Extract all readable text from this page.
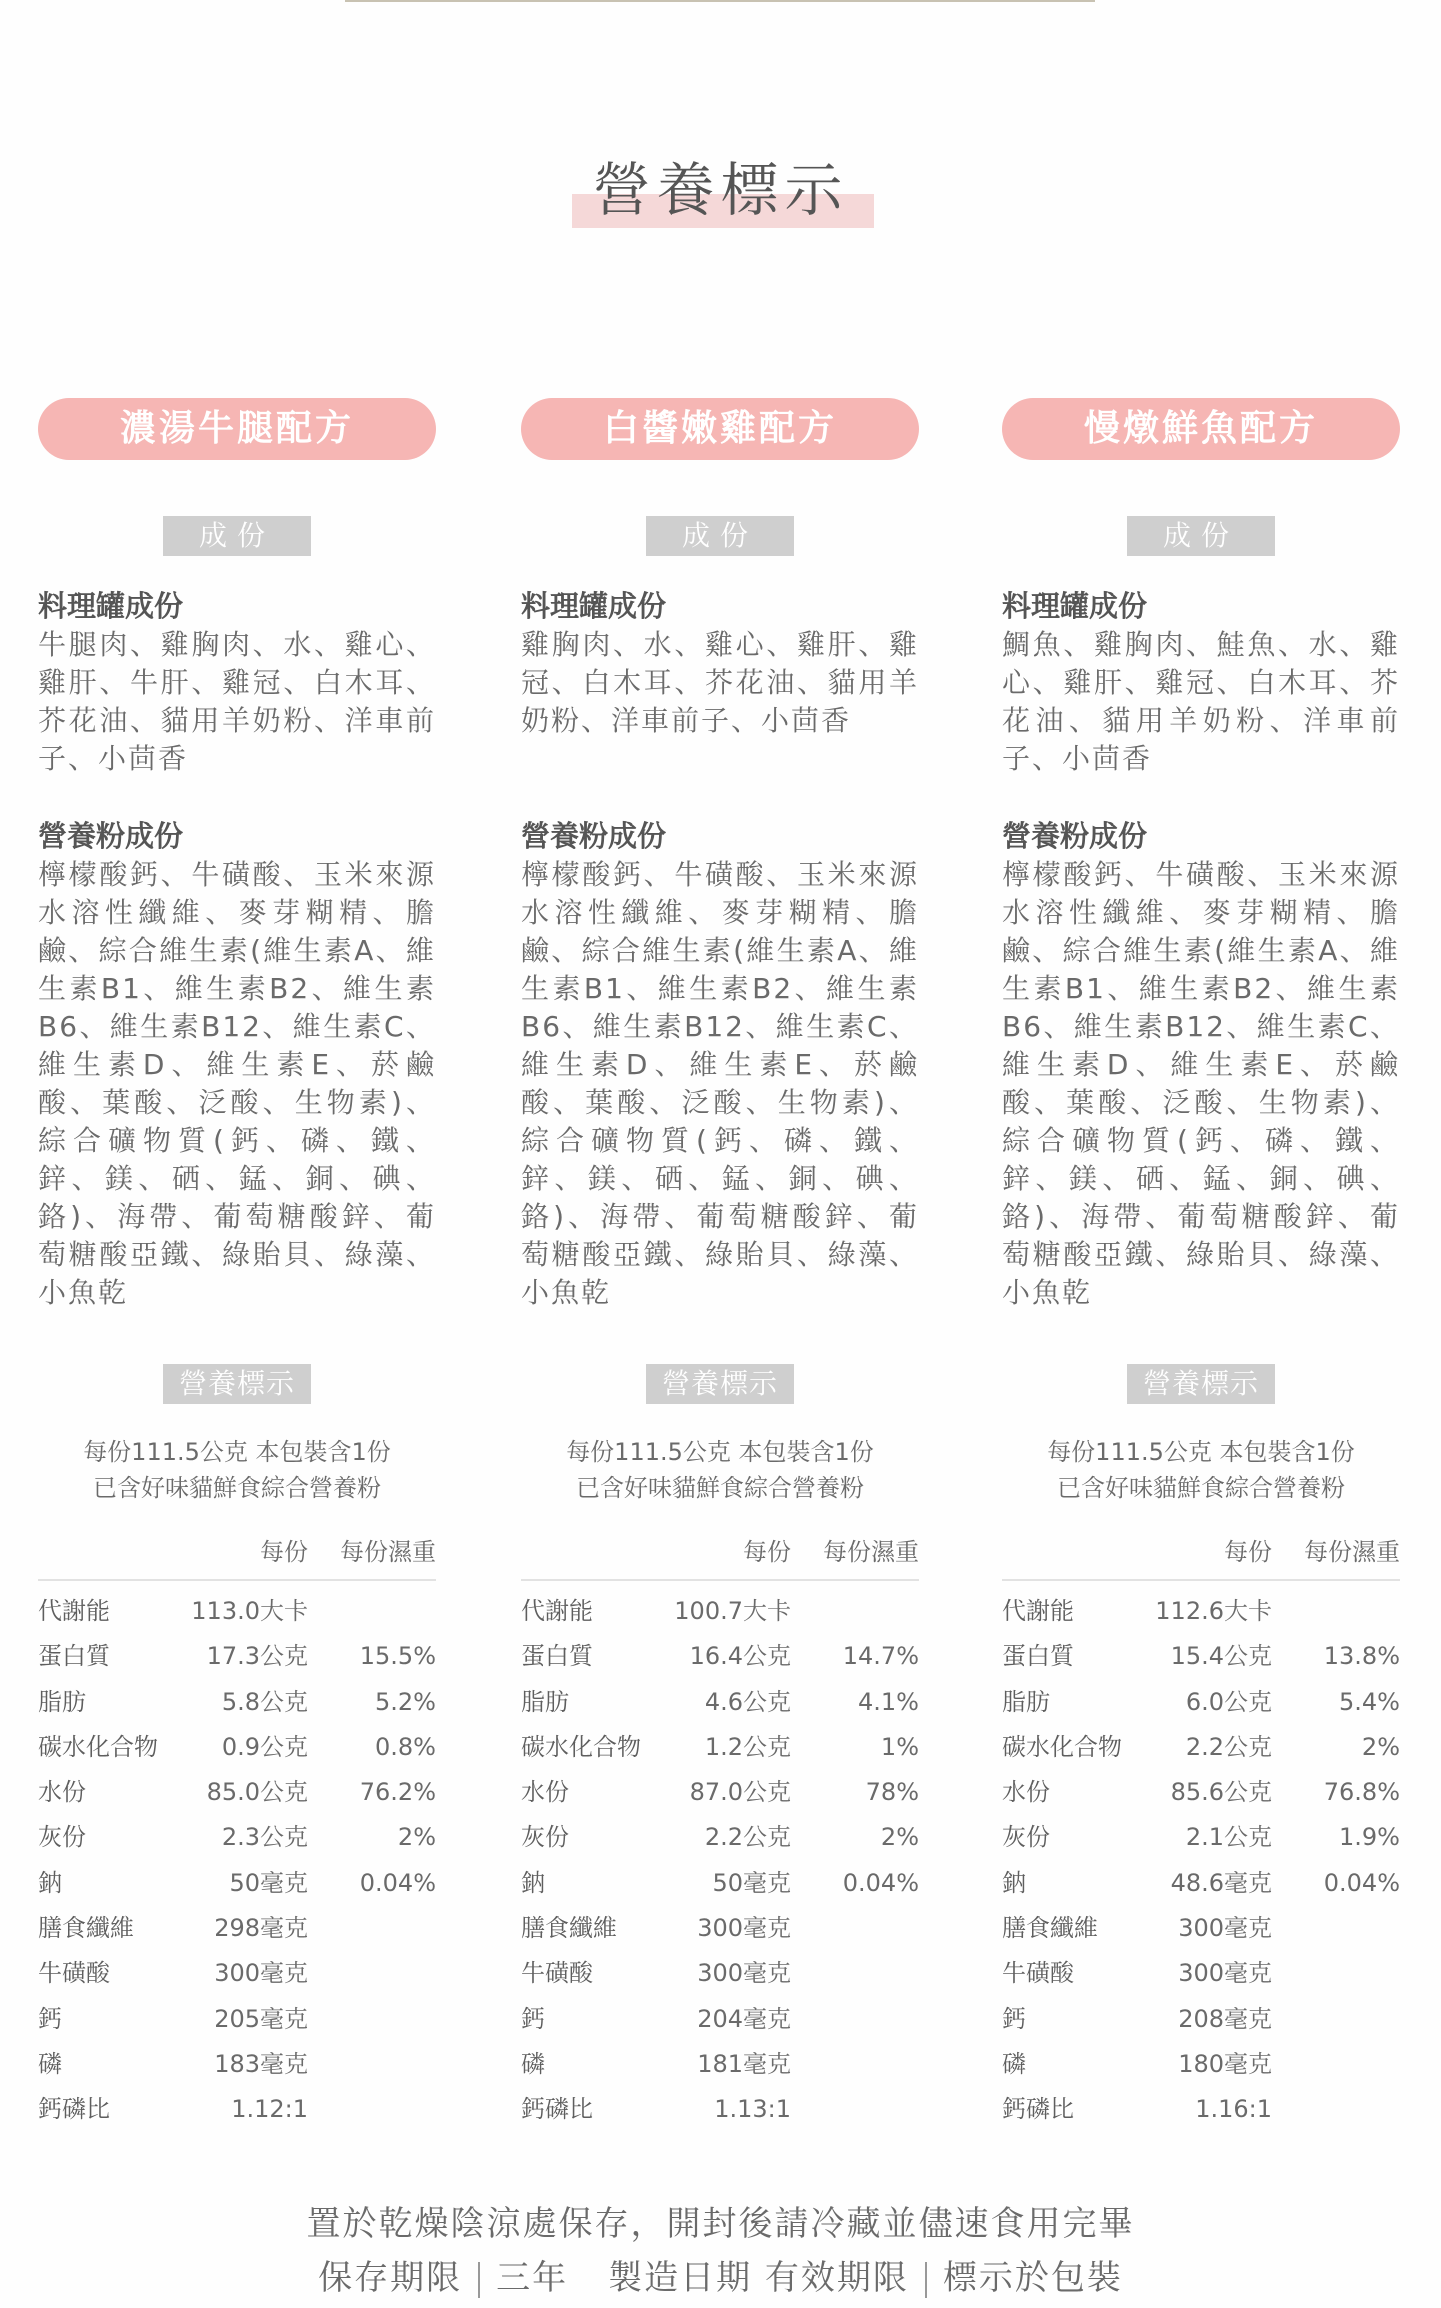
營養標示
濃湯牛腿配方
成份
料理罐成份
牛腿肉、雞胸肉、水、雞心、雞肝、牛肝、雞冠、白木耳、芥花油、貓用羊奶粉、洋車前子、小茴香
營養粉成份
檸檬酸鈣、牛磺酸、玉米來源水溶性纖維、麥芽糊精、膽鹼、綜合維生素(維生素A、維生素B1、維生素B2、維生素B6、維生素B12、維生素C、維生素D、維生素E、菸鹼酸、葉酸、泛酸、生物素)、綜合礦物質(鈣、磷、鐵、鋅、鎂、硒、錳、銅、碘、鉻)、海帶、葡萄糖酸鋅、葡萄糖酸亞鐵、綠貽貝、綠藻、小魚乾
營養標示
每份111.5公克 本包裝含1份
已含好味貓鮮食綜合營養粉
每份	每份濕重
代謝能	113.0大卡
蛋白質	17.3公克	15.5%
脂肪	5.8公克	5.2%
碳水化合物	0.9公克	0.8%
水份	85.0公克	76.2%
灰份	2.3公克	2%
鈉	50毫克	0.04%
膳食纖維	298毫克
牛磺酸	300毫克
鈣	205毫克
磷	183毫克
鈣磷比	1.12:1
白醬嫩雞配方
成份
料理罐成份
雞胸肉、水、雞心、雞肝、雞冠、白木耳、芥花油、貓用羊奶粉、洋車前子、小茴香
營養粉成份
檸檬酸鈣、牛磺酸、玉米來源水溶性纖維、麥芽糊精、膽鹼、綜合維生素(維生素A、維生素B1、維生素B2、維生素B6、維生素B12、維生素C、維生素D、維生素E、菸鹼酸、葉酸、泛酸、生物素)、綜合礦物質(鈣、磷、鐵、鋅、鎂、硒、錳、銅、碘、鉻)、海帶、葡萄糖酸鋅、葡萄糖酸亞鐵、綠貽貝、綠藻、小魚乾
營養標示
每份111.5公克 本包裝含1份
已含好味貓鮮食綜合營養粉
每份	每份濕重
代謝能	100.7大卡
蛋白質	16.4公克	14.7%
脂肪	4.6公克	4.1%
碳水化合物	1.2公克	1%
水份	87.0公克	78%
灰份	2.2公克	2%
鈉	50毫克	0.04%
膳食纖維	300毫克
牛磺酸	300毫克
鈣	204毫克
磷	181毫克
鈣磷比	1.13:1
慢燉鮮魚配方
成份
料理罐成份
鯛魚、雞胸肉、鮭魚、水、雞心、雞肝、雞冠、白木耳、芥花油、貓用羊奶粉、洋車前子、小茴香
營養粉成份
檸檬酸鈣、牛磺酸、玉米來源水溶性纖維、麥芽糊精、膽鹼、綜合維生素(維生素A、維生素B1、維生素B2、維生素B6、維生素B12、維生素C、維生素D、維生素E、菸鹼酸、葉酸、泛酸、生物素)、綜合礦物質(鈣、磷、鐵、鋅、鎂、硒、錳、銅、碘、鉻)、海帶、葡萄糖酸鋅、葡萄糖酸亞鐵、綠貽貝、綠藻、小魚乾
營養標示
每份111.5公克 本包裝含1份
已含好味貓鮮食綜合營養粉
每份	每份濕重
代謝能	112.6大卡
蛋白質	15.4公克	13.8%
脂肪	6.0公克	5.4%
碳水化合物	2.2公克	2%
水份	85.6公克	76.8%
灰份	2.1公克	1.9%
鈉	48.6毫克	0.04%
膳食纖維	300毫克
牛磺酸	300毫克
鈣	208毫克
磷	180毫克
鈣磷比	1.16:1
置於乾燥陰涼處保存，開封後請冷藏並儘速食用完畢
保存期限 三年 製造日期 有效期限 標示於包裝
